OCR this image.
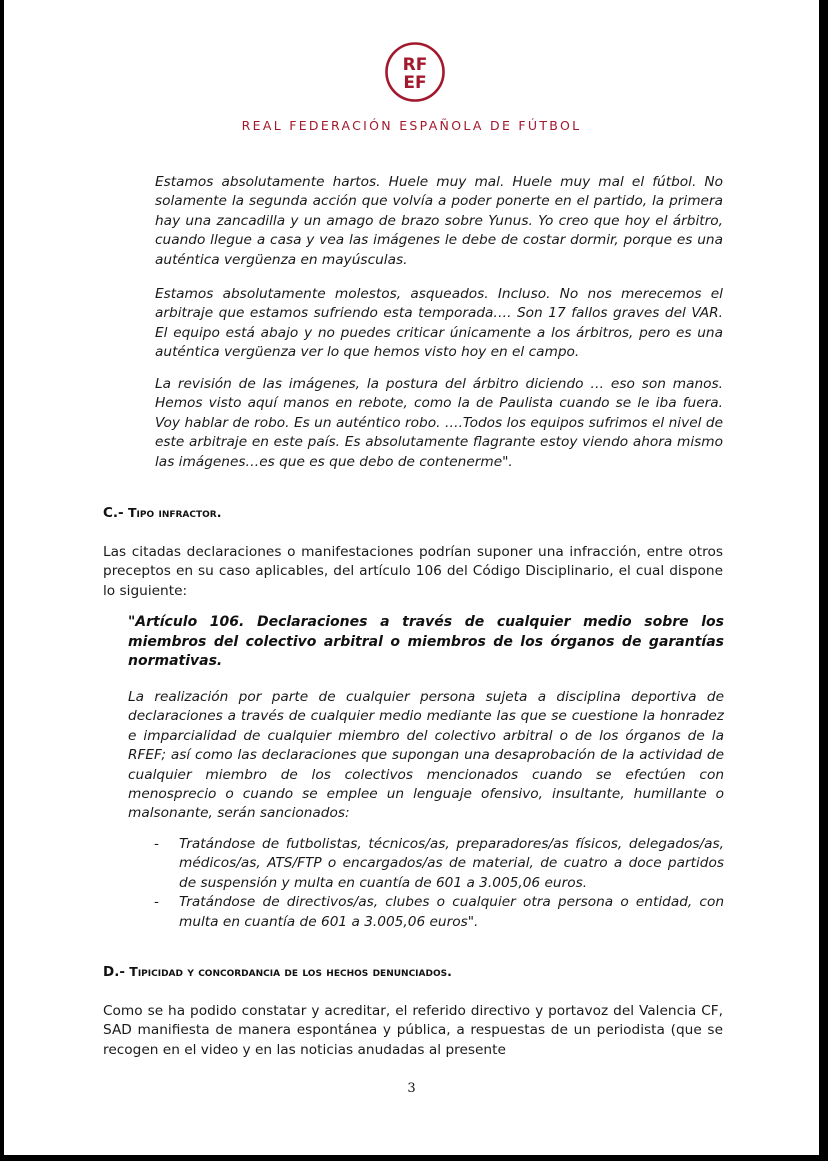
RF
EF
REAL FEDERACIÓN ESPAÑOLA DE FÚTBOL
Estamos absolutamente hartos. Huele muy mal. Huele muy mal el fútbol. No solamente la segunda acción que volvía a poder ponerte en el partido, la primera hay una zancadilla y un amago de brazo sobre Yunus. Yo creo que hoy el árbitro, cuando llegue a casa y vea las imágenes le debe de costar dormir, porque es una auténtica vergüenza en mayúsculas.
Estamos absolutamente molestos, asqueados. Incluso. No nos merecemos el arbitraje que estamos sufriendo esta temporada…. Son 17 fallos graves del VAR. El equipo está abajo y no puedes criticar únicamente a los árbitros, pero es una auténtica vergüenza ver lo que hemos visto hoy en el campo.
La revisión de las imágenes, la postura del árbitro diciendo … eso son manos. Hemos visto aquí manos en rebote, como la de Paulista cuando se le iba fuera. Voy hablar de robo. Es un auténtico robo. ….Todos los equipos sufrimos el nivel de este arbitraje en este país. Es absolutamente flagrante estoy viendo ahora mismo las imágenes…es que es que debo de contenerme".
C.- Tipo infractor.
Las citadas declaraciones o manifestaciones podrían suponer una infracción, entre otros preceptos en su caso aplicables, del artículo 106 del Código Disciplinario, el cual dispone lo siguiente:
"Artículo 106. Declaraciones a través de cualquier medio sobre los miembros del colectivo arbitral o miembros de los órganos de garantías normativas.
La realización por parte de cualquier persona sujeta a disciplina deportiva de declaraciones a través de cualquier medio mediante las que se cuestione la honradez e imparcialidad de cualquier miembro del colectivo arbitral o de los órganos de la RFEF; así como las declaraciones que supongan una desaprobación de la actividad de cualquier miembro de los colectivos mencionados cuando se efectúen con menosprecio o cuando se emplee un lenguaje ofensivo, insultante, humillante o malsonante, serán sancionados:
- Tratándose de futbolistas, técnicos/as, preparadores/as físicos, delegados/as, médicos/as, ATS/FTP o encargados/as de material, de cuatro a doce partidos de suspensión y multa en cuantía de 601 a 3.005,06 euros.
- Tratándose de directivos/as, clubes o cualquier otra persona o entidad, con multa en cuantía de 601 a 3.005,06 euros".
D.- Tipicidad y concordancia de los hechos denunciados.
Como se ha podido constatar y acreditar, el referido directivo y portavoz del Valencia CF, SAD manifiesta de manera espontánea y pública, a respuestas de un periodista (que se recogen en el video y en las noticias anudadas al presente
3
